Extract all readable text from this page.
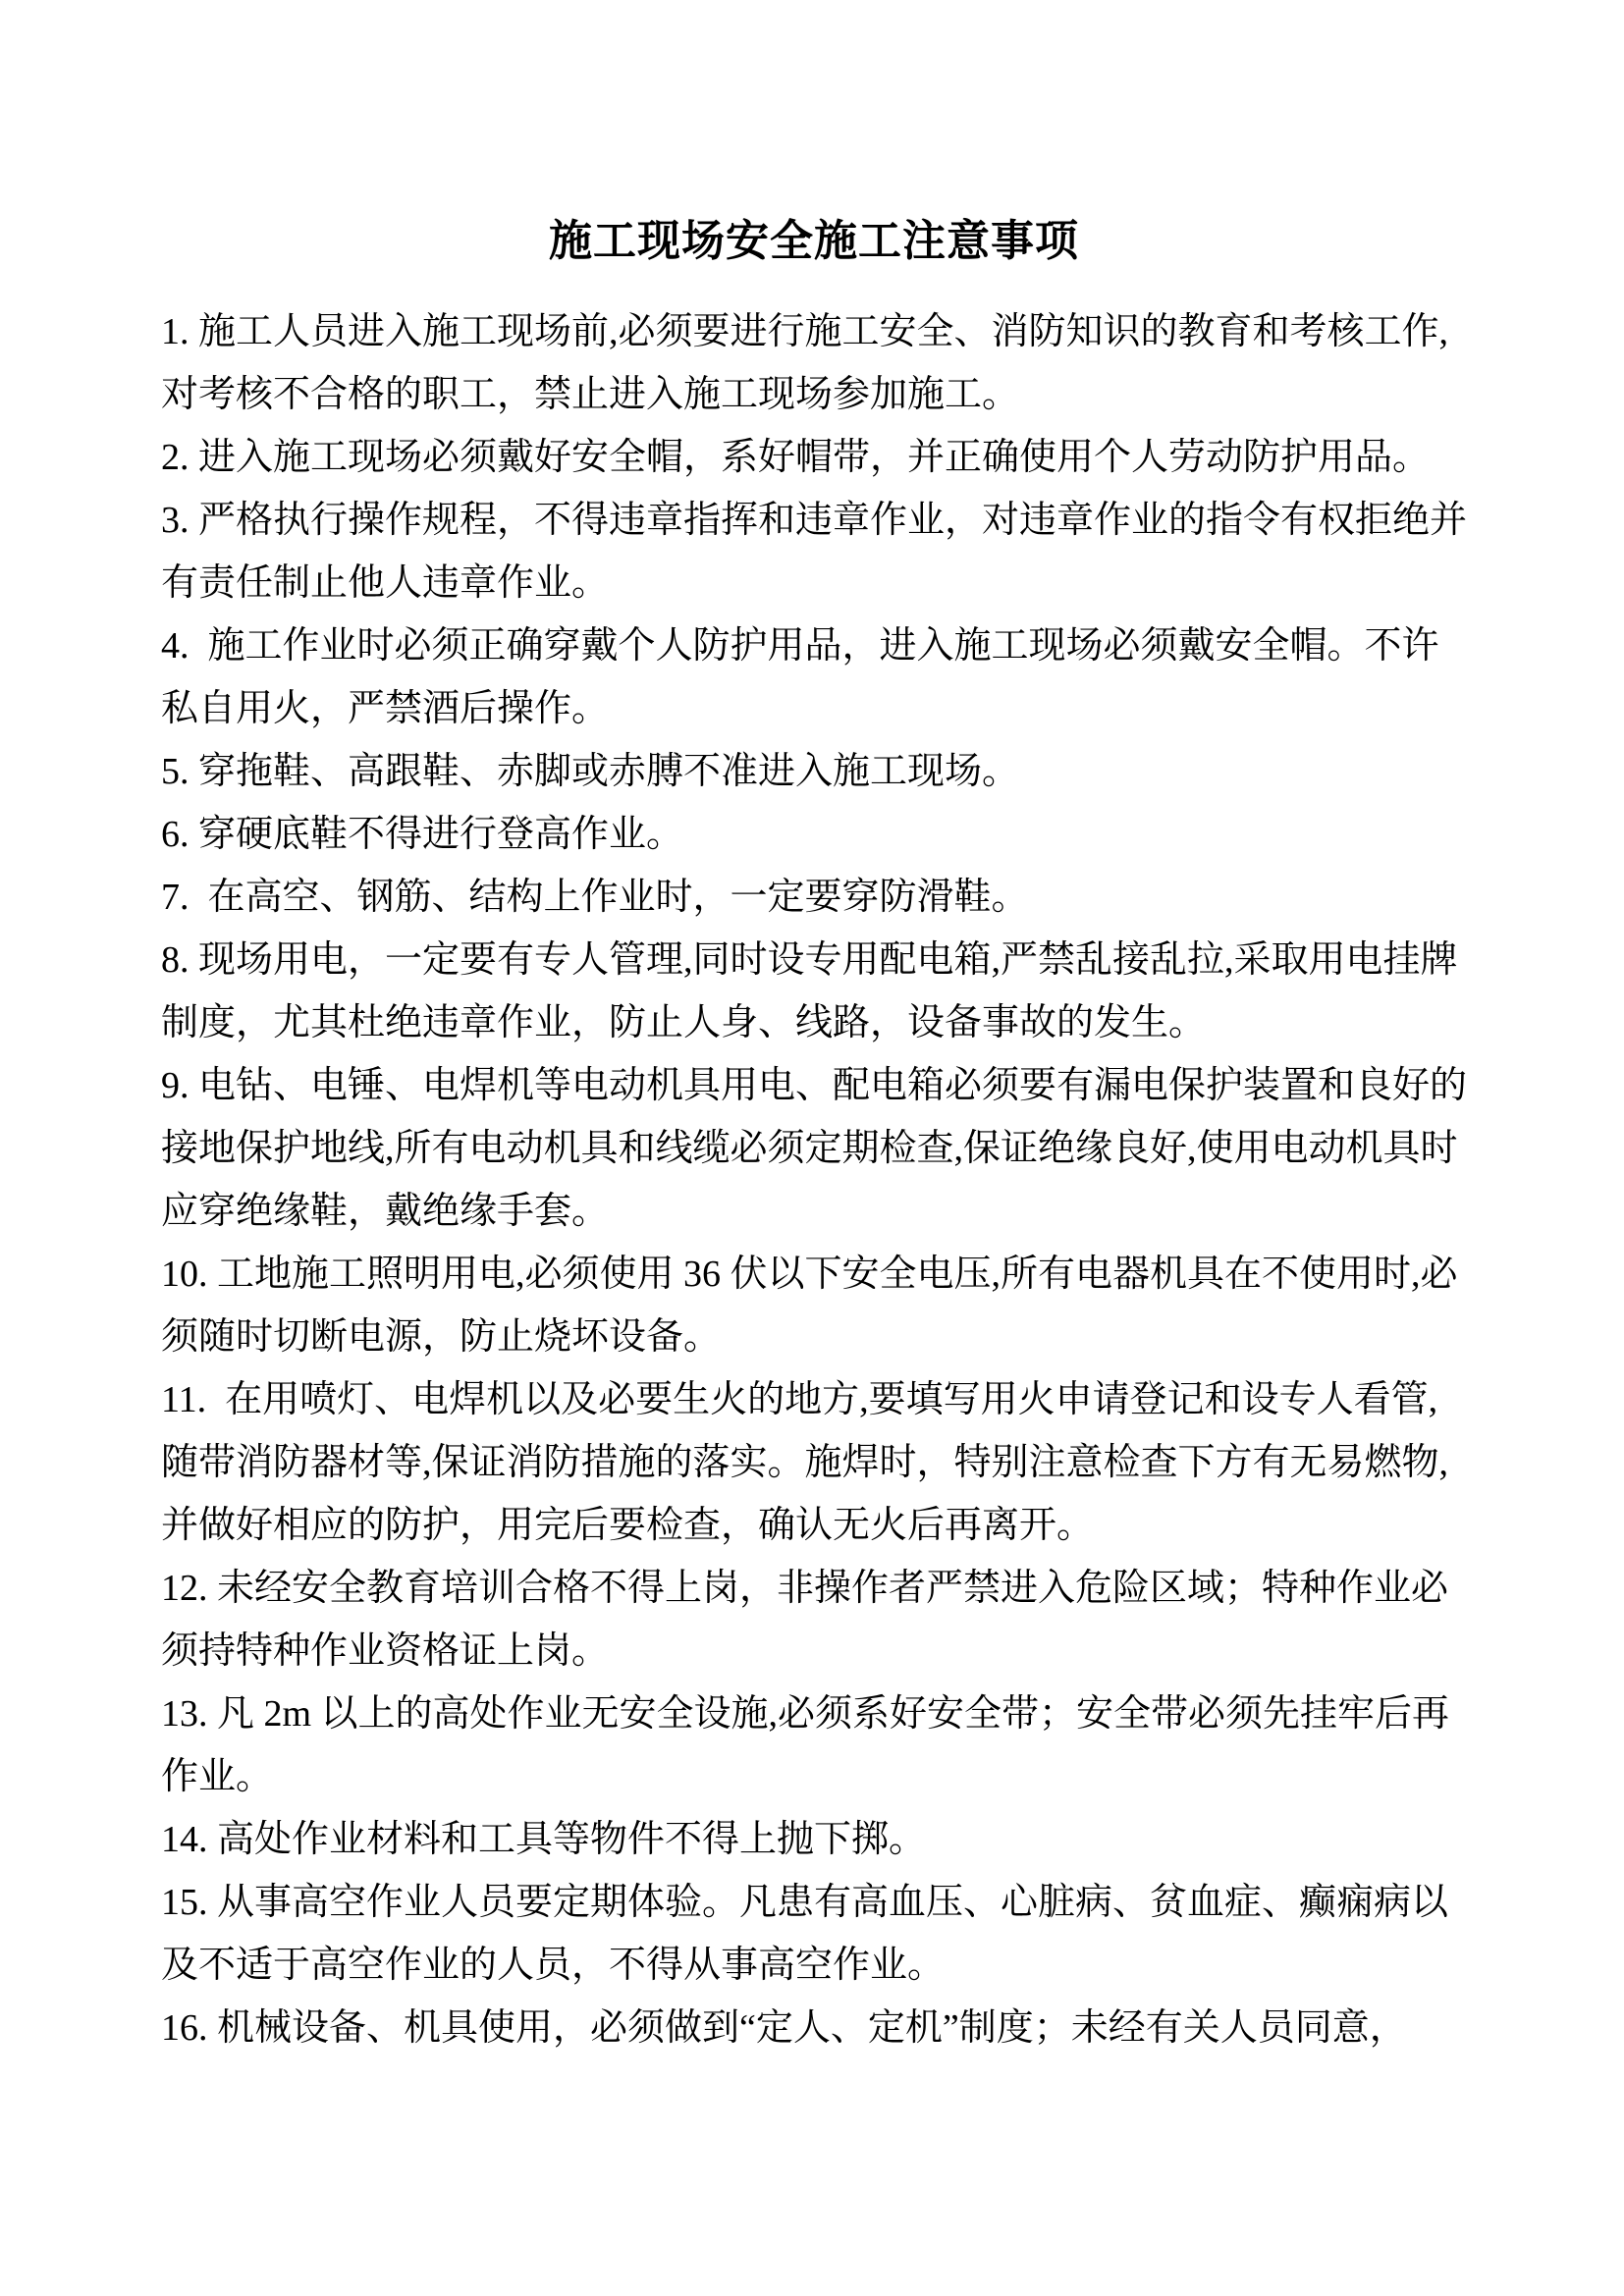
施工现场安全施工注意事项

1. 施工人员进入施工现场前,必须要进行施工安全、消防知识的教育和考核工作,对考核不合格的职工，禁止进入施工现场参加施工。

2. 进入施工现场必须戴好安全帽，系好帽带，并正确使用个人劳动防护用品。

3. 严格执行操作规程，不得违章指挥和违章作业，对违章作业的指令有权拒绝并有责任制止他人违章作业。

4.  施工作业时必须正确穿戴个人防护用品，进入施工现场必须戴安全帽。不许私自用火，严禁酒后操作。

5. 穿拖鞋、高跟鞋、赤脚或赤膊不准进入施工现场。

6. 穿硬底鞋不得进行登高作业。

7.  在高空、钢筋、结构上作业时，一定要穿防滑鞋。

8. 现场用电，一定要有专人管理,同时设专用配电箱,严禁乱接乱拉,采取用电挂牌制度，尤其杜绝违章作业，防止人身、线路，设备事故的发生。

9. 电钻、电锤、电焊机等电动机具用电、配电箱必须要有漏电保护装置和良好的接地保护地线,所有电动机具和线缆必须定期检查,保证绝缘良好,使用电动机具时应穿绝缘鞋，戴绝缘手套。

10. 工地施工照明用电,必须使用 36 伏以下安全电压,所有电器机具在不使用时,必须随时切断电源，防止烧坏设备。

11.  在用喷灯、电焊机以及必要生火的地方,要填写用火申请登记和设专人看管,随带消防器材等,保证消防措施的落实。施焊时，特别注意检查下方有无易燃物,并做好相应的防护，用完后要检查，确认无火后再离开。

12. 未经安全教育培训合格不得上岗，非操作者严禁进入危险区域；特种作业必须持特种作业资格证上岗。

13. 凡 2m 以上的高处作业无安全设施,必须系好安全带；安全带必须先挂牢后再作业。

14. 高处作业材料和工具等物件不得上抛下掷。

15. 从事高空作业人员要定期体验。凡患有高血压、心脏病、贫血症、癫痫病以及不适于高空作业的人员，不得从事高空作业。

16. 机械设备、机具使用，必须做到“定人、定机”制度；未经有关人员同意，
